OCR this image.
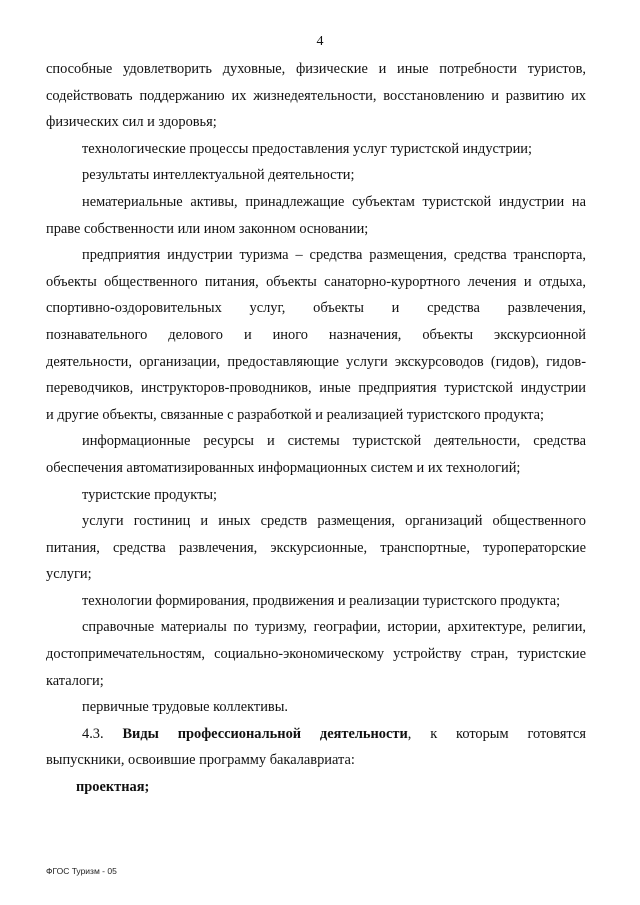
4

способные удовлетворить духовные, физические и иные потребности туристов,
содействовать поддержанию их жизнедеятельности, восстановлению и развитию их
физических сил и здоровья;

технологические процессы предоставления услуг туристской индустрии;

результаты интеллектуальной деятельности;

нематериальные активы, принадлежащие субъектам туристской индустрии на
праве собственности или ином законном основании;

предприятия индустрии туризма – средства размещения, средства транспорта,
объекты общественного питания, объекты санаторно-курортного лечения и отдыха,
спортивно-оздоровительных услуг, объекты и средства развлечения,
познавательного делового и иного назначения, объекты экскурсионной
деятельности, организации, предоставляющие услуги экскурсоводов (гидов), гидов-
переводчиков, инструкторов-проводников, иные предприятия туристской индустрии
и другие объекты, связанные с разработкой и реализацией туристского продукта;

информационные ресурсы и системы туристской деятельности, средства
обеспечения автоматизированных информационных систем и их технологий;

туристские продукты;

услуги гостиниц и иных средств размещения, организаций общественного
питания, средства развлечения, экскурсионные, транспортные, туроператорские
услуги;

технологии формирования, продвижения и реализации туристского продукта;

справочные материалы по туризму, географии, истории, архитектуре, религии,
достопримечательностям, социально-экономическому устройству стран, туристские
каталоги;

первичные трудовые коллективы.

4.3. Виды профессиональной деятельности, к которым готовятся
выпускники, освоившие программу бакалавриата:

проектная;

ФГОС Туризм - 05
